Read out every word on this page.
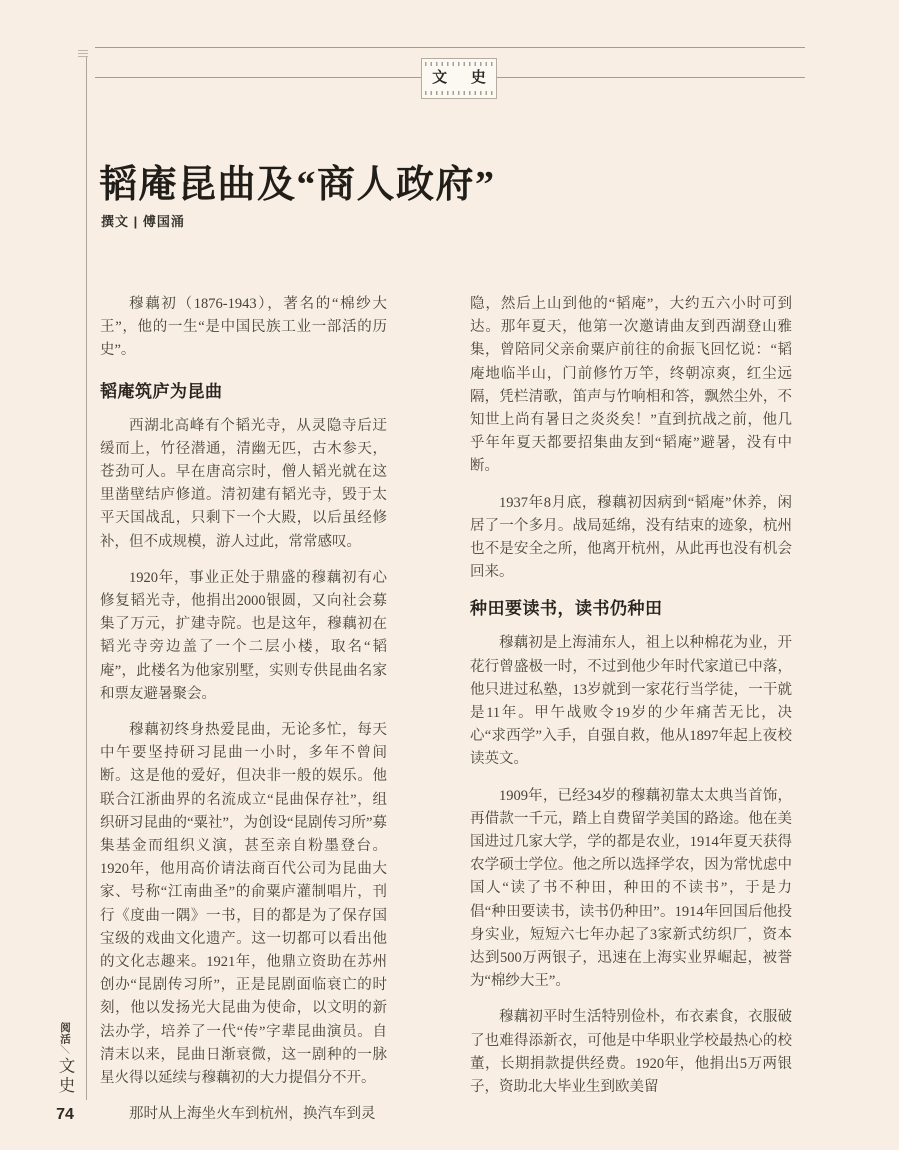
文 史
韬庵昆曲及“商人政府”
撰文 | 傅国涌

穆藕初（1876-1943），著名的“棉纱大王”，他的一生“是中国民族工业一部活的历史”。

韬庵筑庐为昆曲

西湖北高峰有个韬光寺，从灵隐寺后迂缓而上，竹径潜通，清幽无匹，古木参天，苍劲可人。早在唐高宗时，僧人韬光就在这里凿壁结庐修道。清初建有韬光寺，毁于太平天国战乱，只剩下一个大殿，以后虽经修补，但不成规模，游人过此，常常感叹。

1920年，事业正处于鼎盛的穆藕初有心修复韬光寺，他捐出2000银圆，又向社会募集了万元，扩建寺院。也是这年，穆藕初在韬光寺旁边盖了一个二层小楼，取名“韬庵”，此楼名为他家别墅，实则专供昆曲名家和票友避暑聚会。

穆藕初终身热爱昆曲，无论多忙，每天中午要坚持研习昆曲一小时，多年不曾间断。这是他的爱好，但决非一般的娱乐。他联合江浙曲界的名流成立“昆曲保存社”，组织研习昆曲的“粟社”，为创设“昆剧传习所”募集基金而组织义演，甚至亲自粉墨登台。1920年，他用高价请法商百代公司为昆曲大家、号称“江南曲圣”的俞粟庐灌制唱片，刊行《度曲一隅》一书，目的都是为了保存国宝级的戏曲文化遗产。这一切都可以看出他的文化志趣来。1921年，他鼎立资助在苏州创办“昆剧传习所”，正是昆剧面临衰亡的时刻，他以发扬光大昆曲为使命，以文明的新法办学，培养了一代“传”字辈昆曲演员。自清末以来，昆曲日渐衰微，这一剧种的一脉星火得以延续与穆藕初的大力提倡分不开。

那时从上海坐火车到杭州，换汽车到灵

隐，然后上山到他的“韬庵”，大约五六小时可到达。那年夏天，他第一次邀请曲友到西湖登山雅集，曾陪同父亲俞粟庐前往的俞振飞回忆说：“韬庵地临半山，门前修竹万竿，终朝凉爽，红尘远隔，凭栏清歌，笛声与竹响相和答，飘然尘外，不知世上尚有暑日之炎炎矣！”直到抗战之前，他几乎年年夏天都要招集曲友到“韬庵”避暑，没有中断。

1937年8月底，穆藕初因病到“韬庵”休养，闲居了一个多月。战局延绵，没有结束的迹象，杭州也不是安全之所，他离开杭州，从此再也没有机会回来。

种田要读书，读书仍种田

穆藕初是上海浦东人，祖上以种棉花为业，开花行曾盛极一时，不过到他少年时代家道已中落，他只进过私塾，13岁就到一家花行当学徒，一干就是11年。甲午战败令19岁的少年痛苦无比，决心“求西学”入手，自强自救，他从1897年起上夜校读英文。

1909年，已经34岁的穆藕初靠太太典当首饰，再借款一千元，踏上自费留学美国的路途。他在美国进过几家大学，学的都是农业，1914年夏天获得农学硕士学位。他之所以选择学农，因为常忧虑中国人“读了书不种田，种田的不读书”，于是力倡“种田要读书，读书仍种田”。1914年回国后他投身实业，短短六七年办起了3家新式纺织厂，资本达到500万两银子，迅速在上海实业界崛起，被誉为“棉纱大王”。

穆藕初平时生活特别俭朴，布衣素食，衣服破了也难得添新衣，可他是中华职业学校最热心的校董，长期捐款提供经费。1920年，他捐出5万两银子，资助北大毕业生到欧美留

阅活
＼
文史
74
